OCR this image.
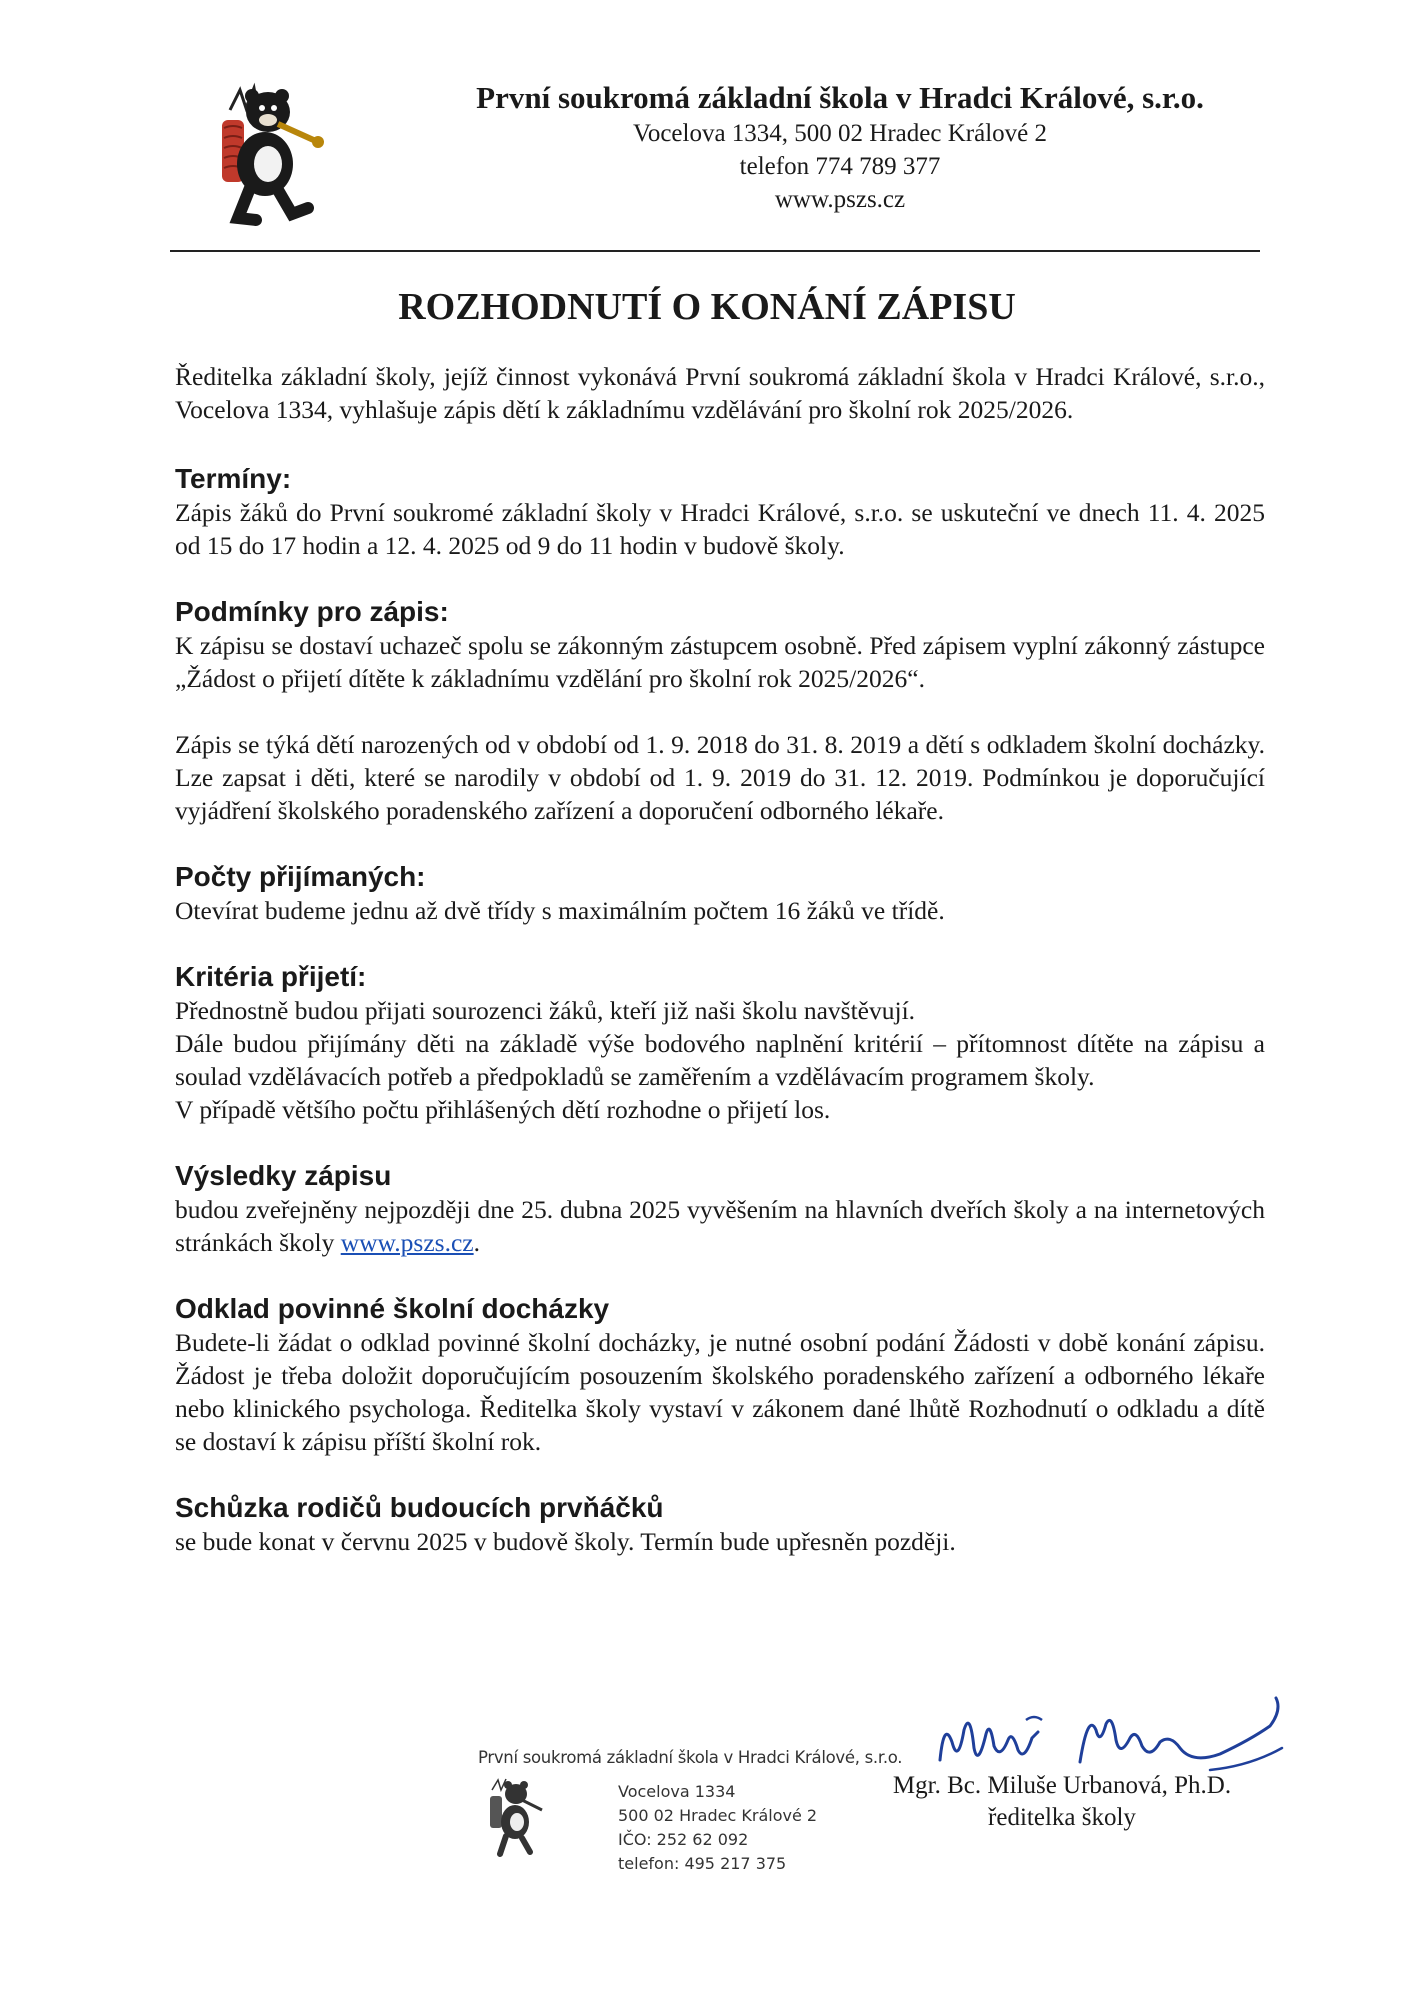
První soukromá základní škola v Hradci Králové, s.r.o.
Vocelova 1334, 500 02 Hradec Králové 2
telefon 774 789 377
www.pszs.cz
ROZHODNUTÍ O KONÁNÍ ZÁPISU

Ředitelka základní školy, jejíž činnost vykonává První soukromá základní škola v Hradci Králové, s.r.o., Vocelova 1334, vyhlašuje zápis dětí k základnímu vzdělávání pro školní rok 2025/2026.

Termíny:

Zápis žáků do První soukromé základní školy v Hradci Králové, s.r.o. se uskuteční ve dnech 11. 4. 2025 od 15 do 17 hodin a 12. 4. 2025 od 9 do 11 hodin v budově školy.

Podmínky pro zápis:

K zápisu se dostaví uchazeč spolu se zákonným zástupcem osobně. Před zápisem vyplní zákonný zástupce „Žádost o přijetí dítěte k základnímu vzdělání pro školní rok 2025/2026“.

Zápis se týká dětí narozených od v období od 1. 9. 2018 do 31. 8. 2019 a dětí s odkladem školní docházky. Lze zapsat i děti, které se narodily v období od 1. 9. 2019 do 31. 12. 2019. Podmínkou je doporučující vyjádření školského poradenského zařízení a doporučení odborného lékaře.

Počty přijímaných:

Otevírat budeme jednu až dvě třídy s maximálním počtem 16 žáků ve třídě.

Kritéria přijetí:

Přednostně budou přijati sourozenci žáků, kteří již naši školu navštěvují.

Dále budou přijímány děti na základě výše bodového naplnění kritérií – přítomnost dítěte na zápisu a soulad vzdělávacích potřeb a předpokladů se zaměřením a vzdělávacím programem školy.

V případě většího počtu přihlášených dětí rozhodne o přijetí los.

Výsledky zápisu

budou zveřejněny nejpozději dne 25. dubna 2025 vyvěšením na hlavních dveřích školy a na internetových stránkách školy www.pszs.cz.

Odklad povinné školní docházky

Budete-li žádat o odklad povinné školní docházky, je nutné osobní podání Žádosti v době konání zápisu. Žádost je třeba doložit doporučujícím posouzením školského poradenského zařízení a odborného lékaře nebo klinického psychologa. Ředitelka školy vystaví v zákonem dané lhůtě Rozhodnutí o odkladu a dítě se dostaví k zápisu příští školní rok.

Schůzka rodičů budoucích prvňáčků

se bude konat v červnu 2025 v budově školy. Termín bude upřesněn později.

První soukromá základní škola v Hradci Králové, s.r.o.
Vocelova 1334
500 02 Hradec Králové 2
IČO: 252 62 092
telefon: 495 217 375
Mgr. Bc. Miluše Urbanová, Ph.D.
ředitelka školy
